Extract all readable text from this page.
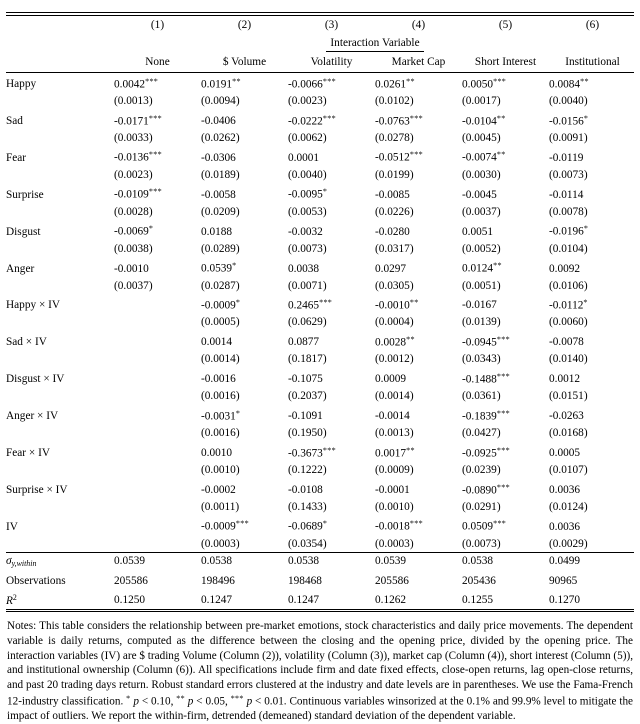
	(1)	(2)	(3)	(4)	(5)	(6)
			Interaction Variable			
	None	$ Volume	Volatility	Market Cap	Short Interest	Institutional
Happy	0.0042***	0.0191**	-0.0066***	0.0261**	0.0050***	0.0084**
	(0.0013)	(0.0094)	(0.0023)	(0.0102)	(0.0017)	(0.0040)
Sad	-0.0171***	-0.0406	-0.0222***	-0.0763***	-0.0104**	-0.0156*
	(0.0033)	(0.0262)	(0.0062)	(0.0278)	(0.0045)	(0.0091)
Fear	-0.0136***	-0.0306	0.0001	-0.0512***	-0.0074**	-0.0119
	(0.0023)	(0.0189)	(0.0040)	(0.0199)	(0.0030)	(0.0073)
Surprise	-0.0109***	-0.0058	-0.0095*	-0.0085	-0.0045	-0.0114
	(0.0028)	(0.0209)	(0.0053)	(0.0226)	(0.0037)	(0.0078)
Disgust	-0.0069*	0.0188	-0.0032	-0.0280	0.0051	-0.0196*
	(0.0038)	(0.0289)	(0.0073)	(0.0317)	(0.0052)	(0.0104)
Anger	-0.0010	0.0539*	0.0038	0.0297	0.0124**	0.0092
	(0.0037)	(0.0287)	(0.0071)	(0.0305)	(0.0051)	(0.0106)
Happy × IV		-0.0009*	0.2465***	-0.0010**	-0.0167	-0.0112*
		(0.0005)	(0.0629)	(0.0004)	(0.0139)	(0.0060)
Sad × IV		0.0014	0.0877	0.0028**	-0.0945***	-0.0078
		(0.0014)	(0.1817)	(0.0012)	(0.0343)	(0.0140)
Disgust × IV		-0.0016	-0.1075	0.0009	-0.1488***	0.0012
		(0.0016)	(0.2037)	(0.0014)	(0.0361)	(0.0151)
Anger × IV		-0.0031*	-0.1091	-0.0014	-0.1839***	-0.0263
		(0.0016)	(0.1950)	(0.0013)	(0.0427)	(0.0168)
Fear × IV		0.0010	-0.3673***	0.0017**	-0.0925***	0.0005
		(0.0010)	(0.1222)	(0.0009)	(0.0239)	(0.0107)
Surprise × IV		-0.0002	-0.0108	-0.0001	-0.0890***	0.0036
		(0.0011)	(0.1433)	(0.0010)	(0.0291)	(0.0124)
IV		-0.0009***	-0.0689*	-0.0018***	0.0509***	0.0036
		(0.0003)	(0.0354)	(0.0003)	(0.0073)	(0.0029)
$\sigma_{y,within}$	0.0539	0.0538	0.0538	0.0539	0.0538	0.0499
Observations	205586	198496	198468	205586	205436	90965
$R^2$	0.1250	0.1247	0.1247	0.1262	0.1255	0.1270
Notes: This table considers the relationship between pre-market emotions, stock characteristics and daily price movements. The dependent variable is daily returns, computed as the difference between the closing and the opening price, divided by the opening price. The interaction variables (IV) are $ trading Volume (Column (2)), volatility (Column (3)), market cap (Column (4)), short interest (Column (5)), and institutional ownership (Column (6)). All specifications include firm and date fixed effects, close-open returns, lag open-close returns, and past 20 trading days return. Robust standard errors clustered at the industry and date levels are in parentheses. We use the Fama-French 12-industry classification. * p < 0.10, ** p < 0.05, *** p < 0.01. Continuous variables winsorized at the 0.1% and 99.9% level to mitigate the impact of outliers. We report the within-firm, detrended (demeaned) standard deviation of the dependent variable.
